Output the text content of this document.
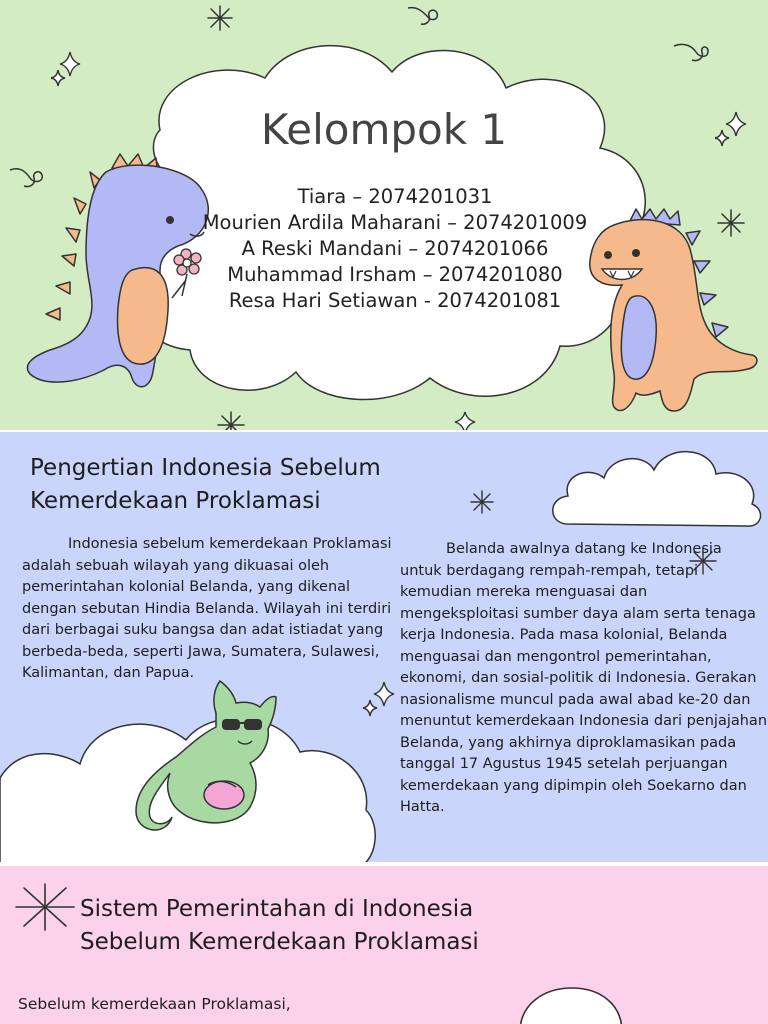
Kelompok 1
Tiara – 2074201031
Mourien Ardila Maharani – 2074201009
A Reski Mandani – 2074201066
Muhammad Irsham – 2074201080
Resa Hari Setiawan - 2074201081
Pengertian Indonesia Sebelum
Kemerdekaan Proklamasi
Indonesia sebelum kemerdekaan Proklamasi adalah sebuah wilayah yang dikuasai oleh pemerintahan kolonial Belanda, yang dikenal dengan sebutan Hindia Belanda. Wilayah ini terdiri dari berbagai suku bangsa dan adat istiadat yang berbeda-beda, seperti Jawa, Sumatera, Sulawesi, Kalimantan, dan Papua.
Belanda awalnya datang ke Indonesia untuk berdagang rempah-rempah, tetapi kemudian mereka menguasai dan mengeksploitasi sumber daya alam serta tenaga kerja Indonesia. Pada masa kolonial, Belanda menguasai dan mengontrol pemerintahan, ekonomi, dan sosial-politik di Indonesia. Gerakan nasionalisme muncul pada awal abad ke-20 dan menuntut kemerdekaan Indonesia dari penjajahan Belanda, yang akhirnya diproklamasikan pada tanggal 17 Agustus 1945 setelah perjuangan kemerdekaan yang dipimpin oleh Soekarno dan Hatta.
Sistem Pemerintahan di Indonesia
Sebelum Kemerdekaan Proklamasi
Sebelum kemerdekaan Proklamasi,
